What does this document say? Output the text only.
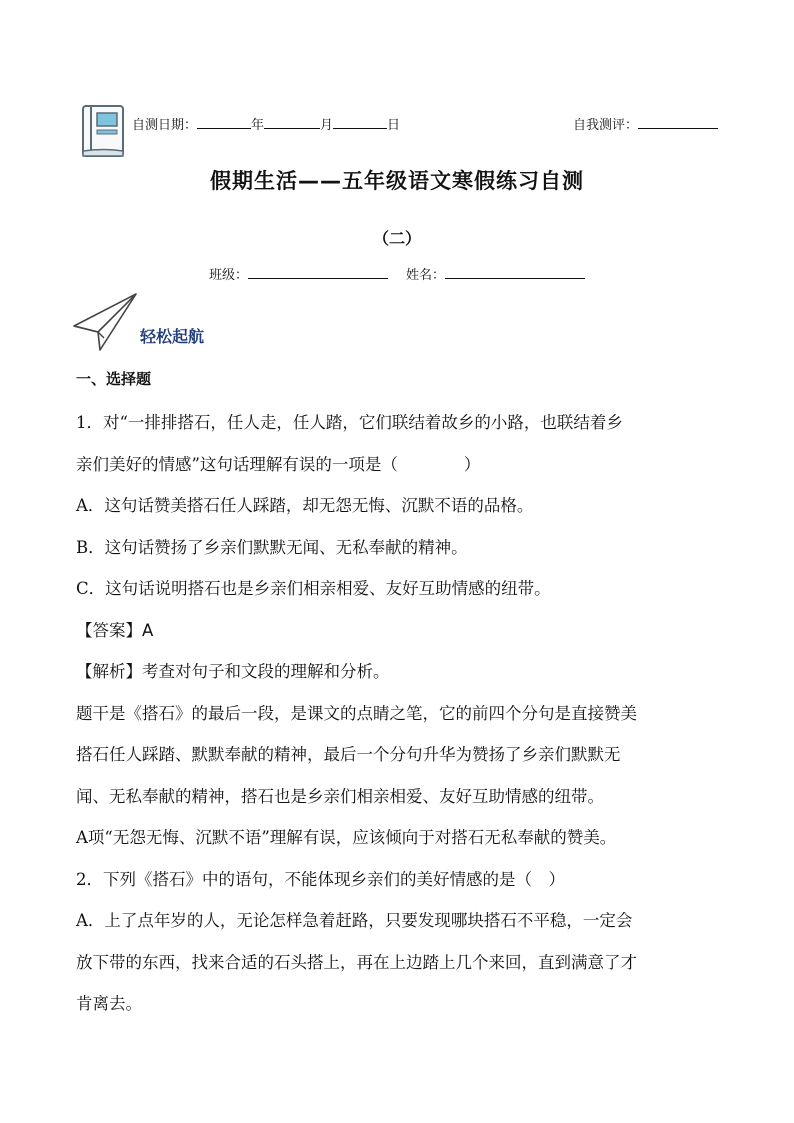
自测日期：	年	月	日	自我测评：
假期生活——五年级语文寒假练习自测
（二）
班级：	姓名：
轻松起航

一、选择题

1．对“一排排搭石，任人走，任人踏，它们联结着故乡的小路，也联结着乡

亲们美好的情感”这句话理解有误的一项是（　　　　）

A．这句话赞美搭石任人踩踏，却无怨无悔、沉默不语的品格。

B．这句话赞扬了乡亲们默默无闻、无私奉献的精神。

C．这句话说明搭石也是乡亲们相亲相爱、友好互助情感的纽带。

【答案】A

【解析】考查对句子和文段的理解和分析。

题干是《搭石》的最后一段，是课文的点睛之笔，它的前四个分句是直接赞美

搭石任人踩踏、默默奉献的精神，最后一个分句升华为赞扬了乡亲们默默无

闻、无私奉献的精神，搭石也是乡亲们相亲相爱、友好互助情感的纽带。

A项“无怨无悔、沉默不语”理解有误，应该倾向于对搭石无私奉献的赞美。

2．下列《搭石》中的语句，不能体现乡亲们的美好情感的是（　）

A．上了点年岁的人，无论怎样急着赶路，只要发现哪块搭石不平稳，一定会

放下带的东西，找来合适的石头搭上，再在上边踏上几个来回，直到满意了才

肯离去。
